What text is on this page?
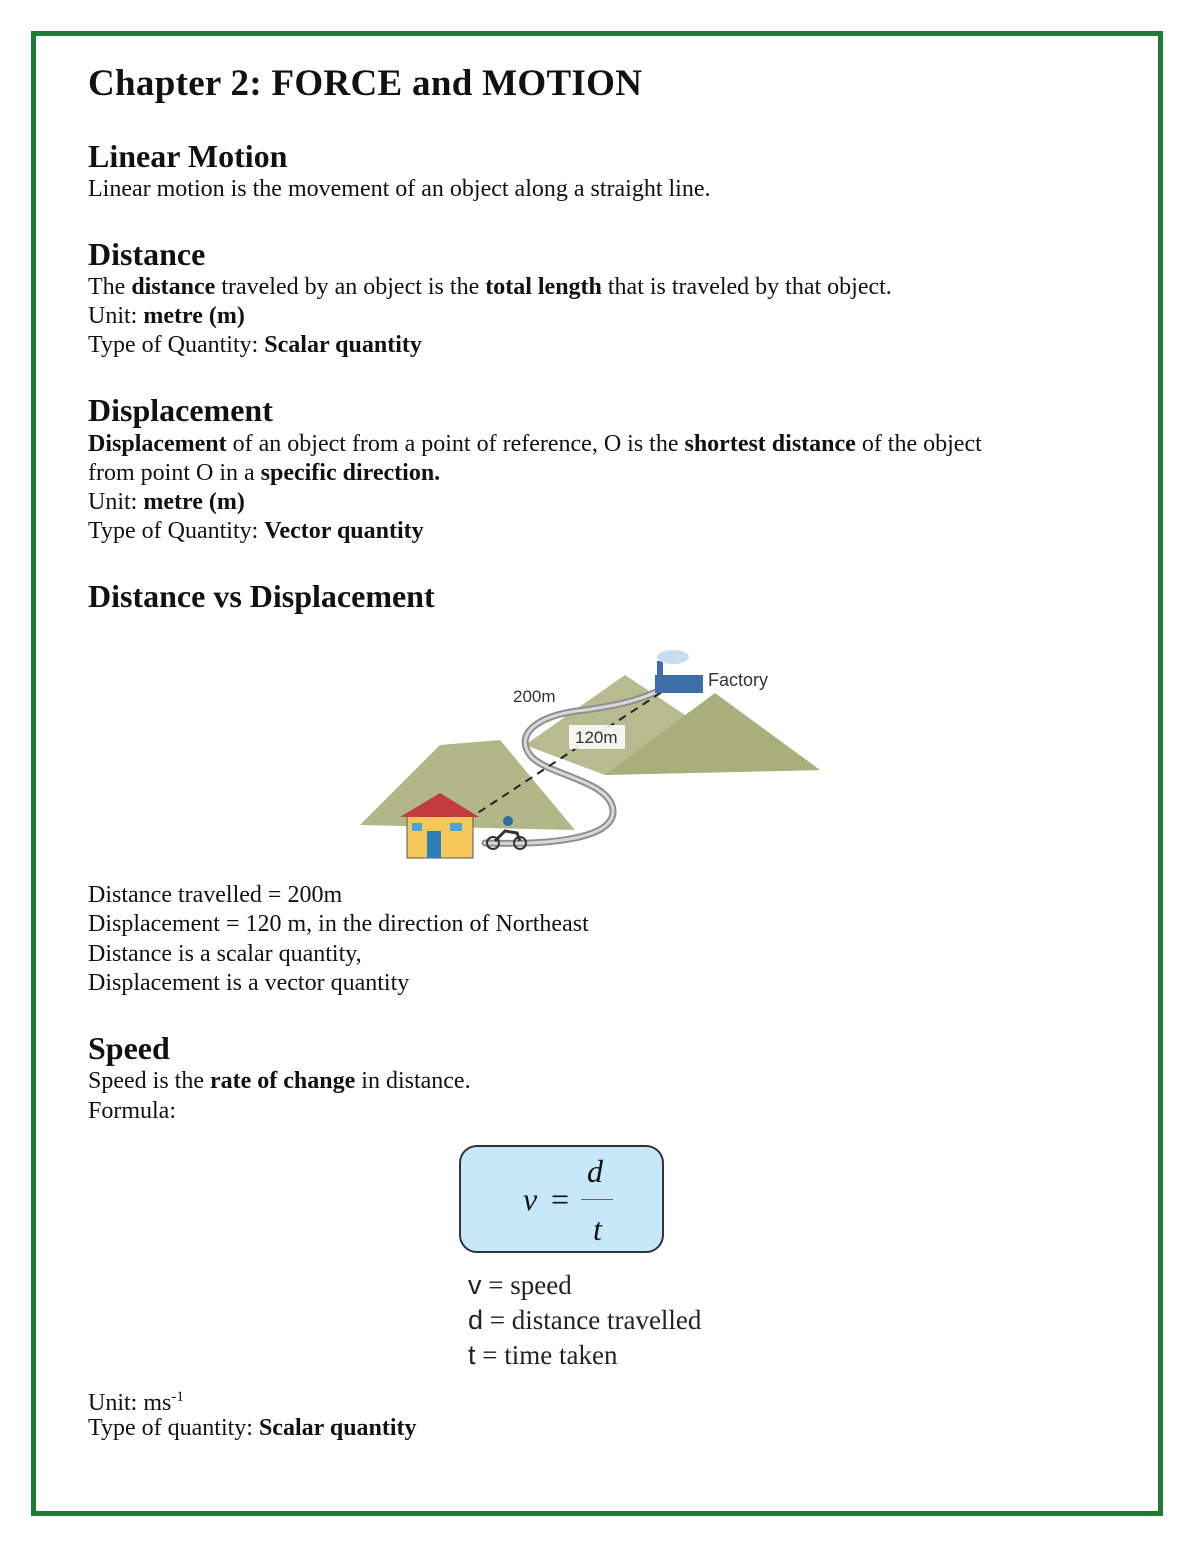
Chapter 2: FORCE and MOTION
Linear Motion

Linear motion is the movement of an object along a straight line.

Distance

The distance traveled by an object is the total length that is traveled by that object.

Unit: metre (m)

Type of Quantity: Scalar quantity

Displacement

Displacement of an object from a point of reference, O is the shortest distance of the object

from point O in a specific direction.

Unit: metre (m)

Type of Quantity: Vector quantity

Distance vs Displacement
200m
120m
Factory

Distance travelled = 200m

Displacement = 120 m, in the direction of Northeast

Distance is a scalar quantity,

Displacement is a vector quantity

Speed

Speed is the rate of change in distance.

Formula:

v =
d
t

v = speed

d = distance travelled

t = time taken

Unit: $ms^{-1}$

Type of quantity: Scalar quantity
